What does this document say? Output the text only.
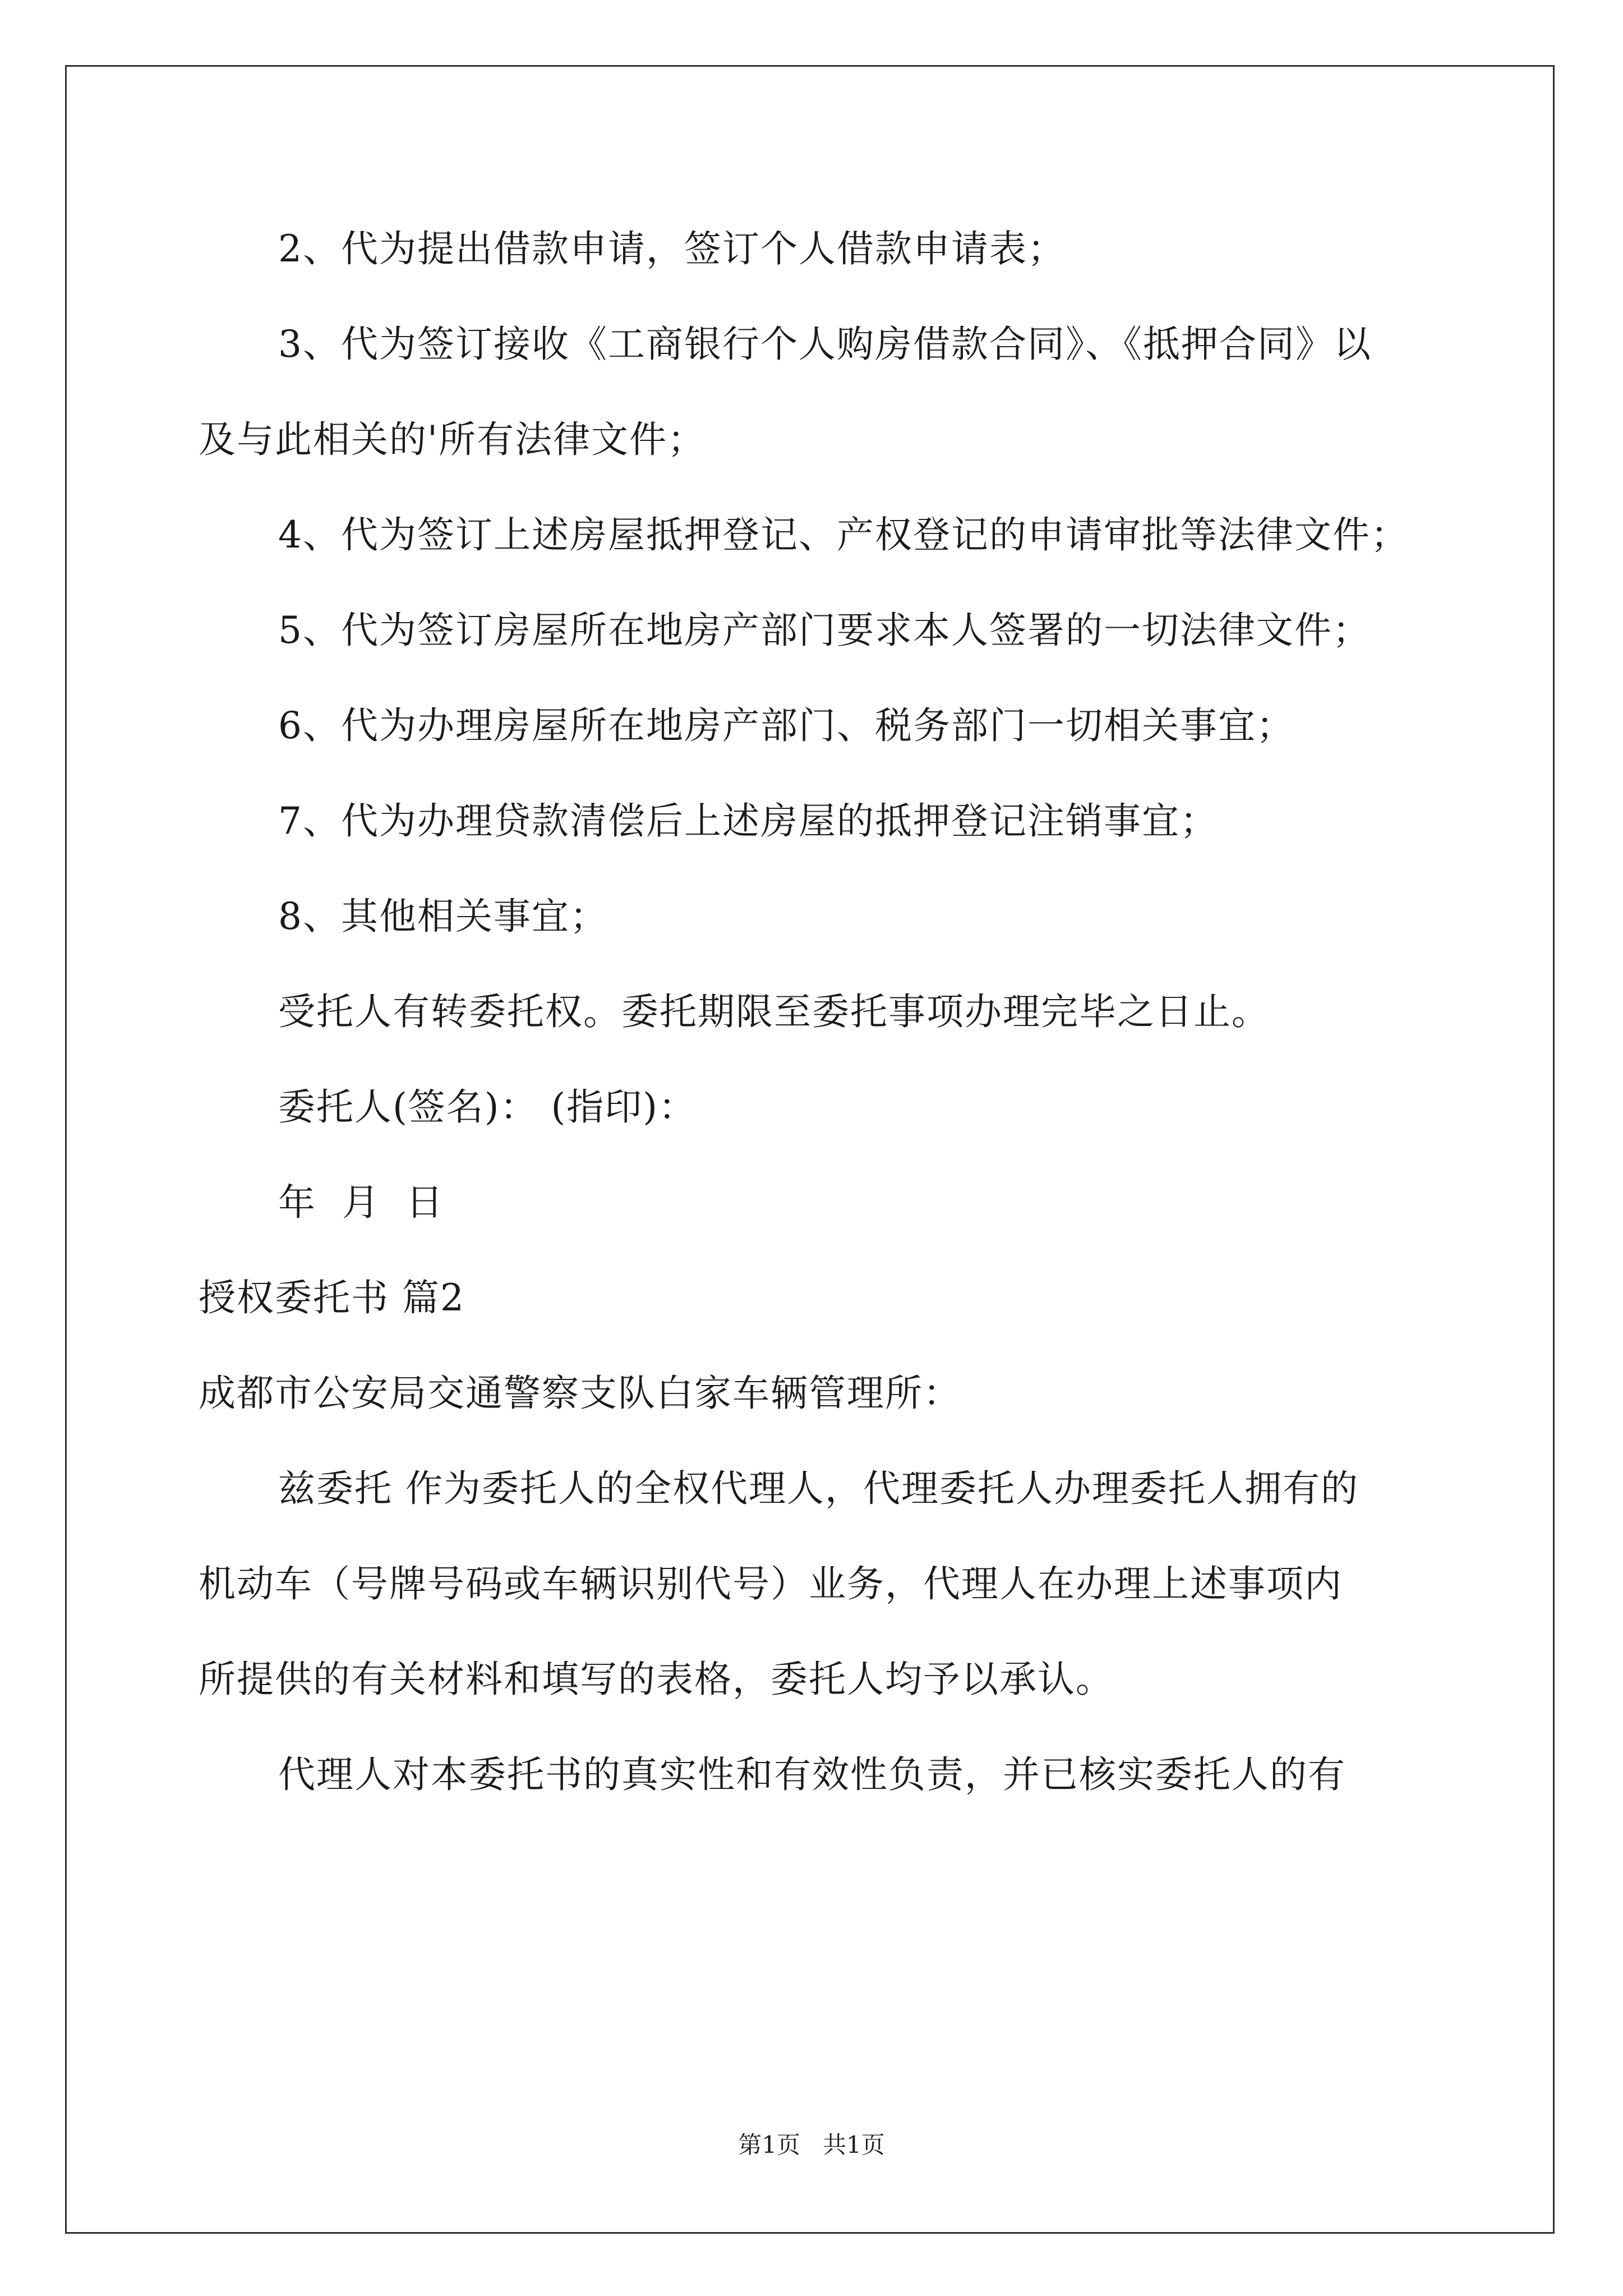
2、代为提出借款申请，签订个人借款申请表；
3、代为签订接收《工商银行个人购房借款合同》、《抵押合同》以
及与此相关的'所有法律文件；
4、代为签订上述房屋抵押登记、产权登记的申请审批等法律文件；
5、代为签订房屋所在地房产部门要求本人签署的一切法律文件；
6、代为办理房屋所在地房产部门、税务部门一切相关事宜；
7、代为办理贷款清偿后上述房屋的抵押登记注销事宜；
8、其他相关事宜；
受托人有转委托权。委托期限至委托事项办理完毕之日止。
委托人(签名)： (指印)：
年  月  日
授权委托书 篇2
成都市公安局交通警察支队白家车辆管理所：
兹委托 作为委托人的全权代理人，代理委托人办理委托人拥有的
机动车（号牌号码或车辆识别代号）业务，代理人在办理上述事项内
所提供的有关材料和填写的表格，委托人均予以承认。
代理人对本委托书的真实性和有效性负责，并已核实委托人的有
第1页   共1页
